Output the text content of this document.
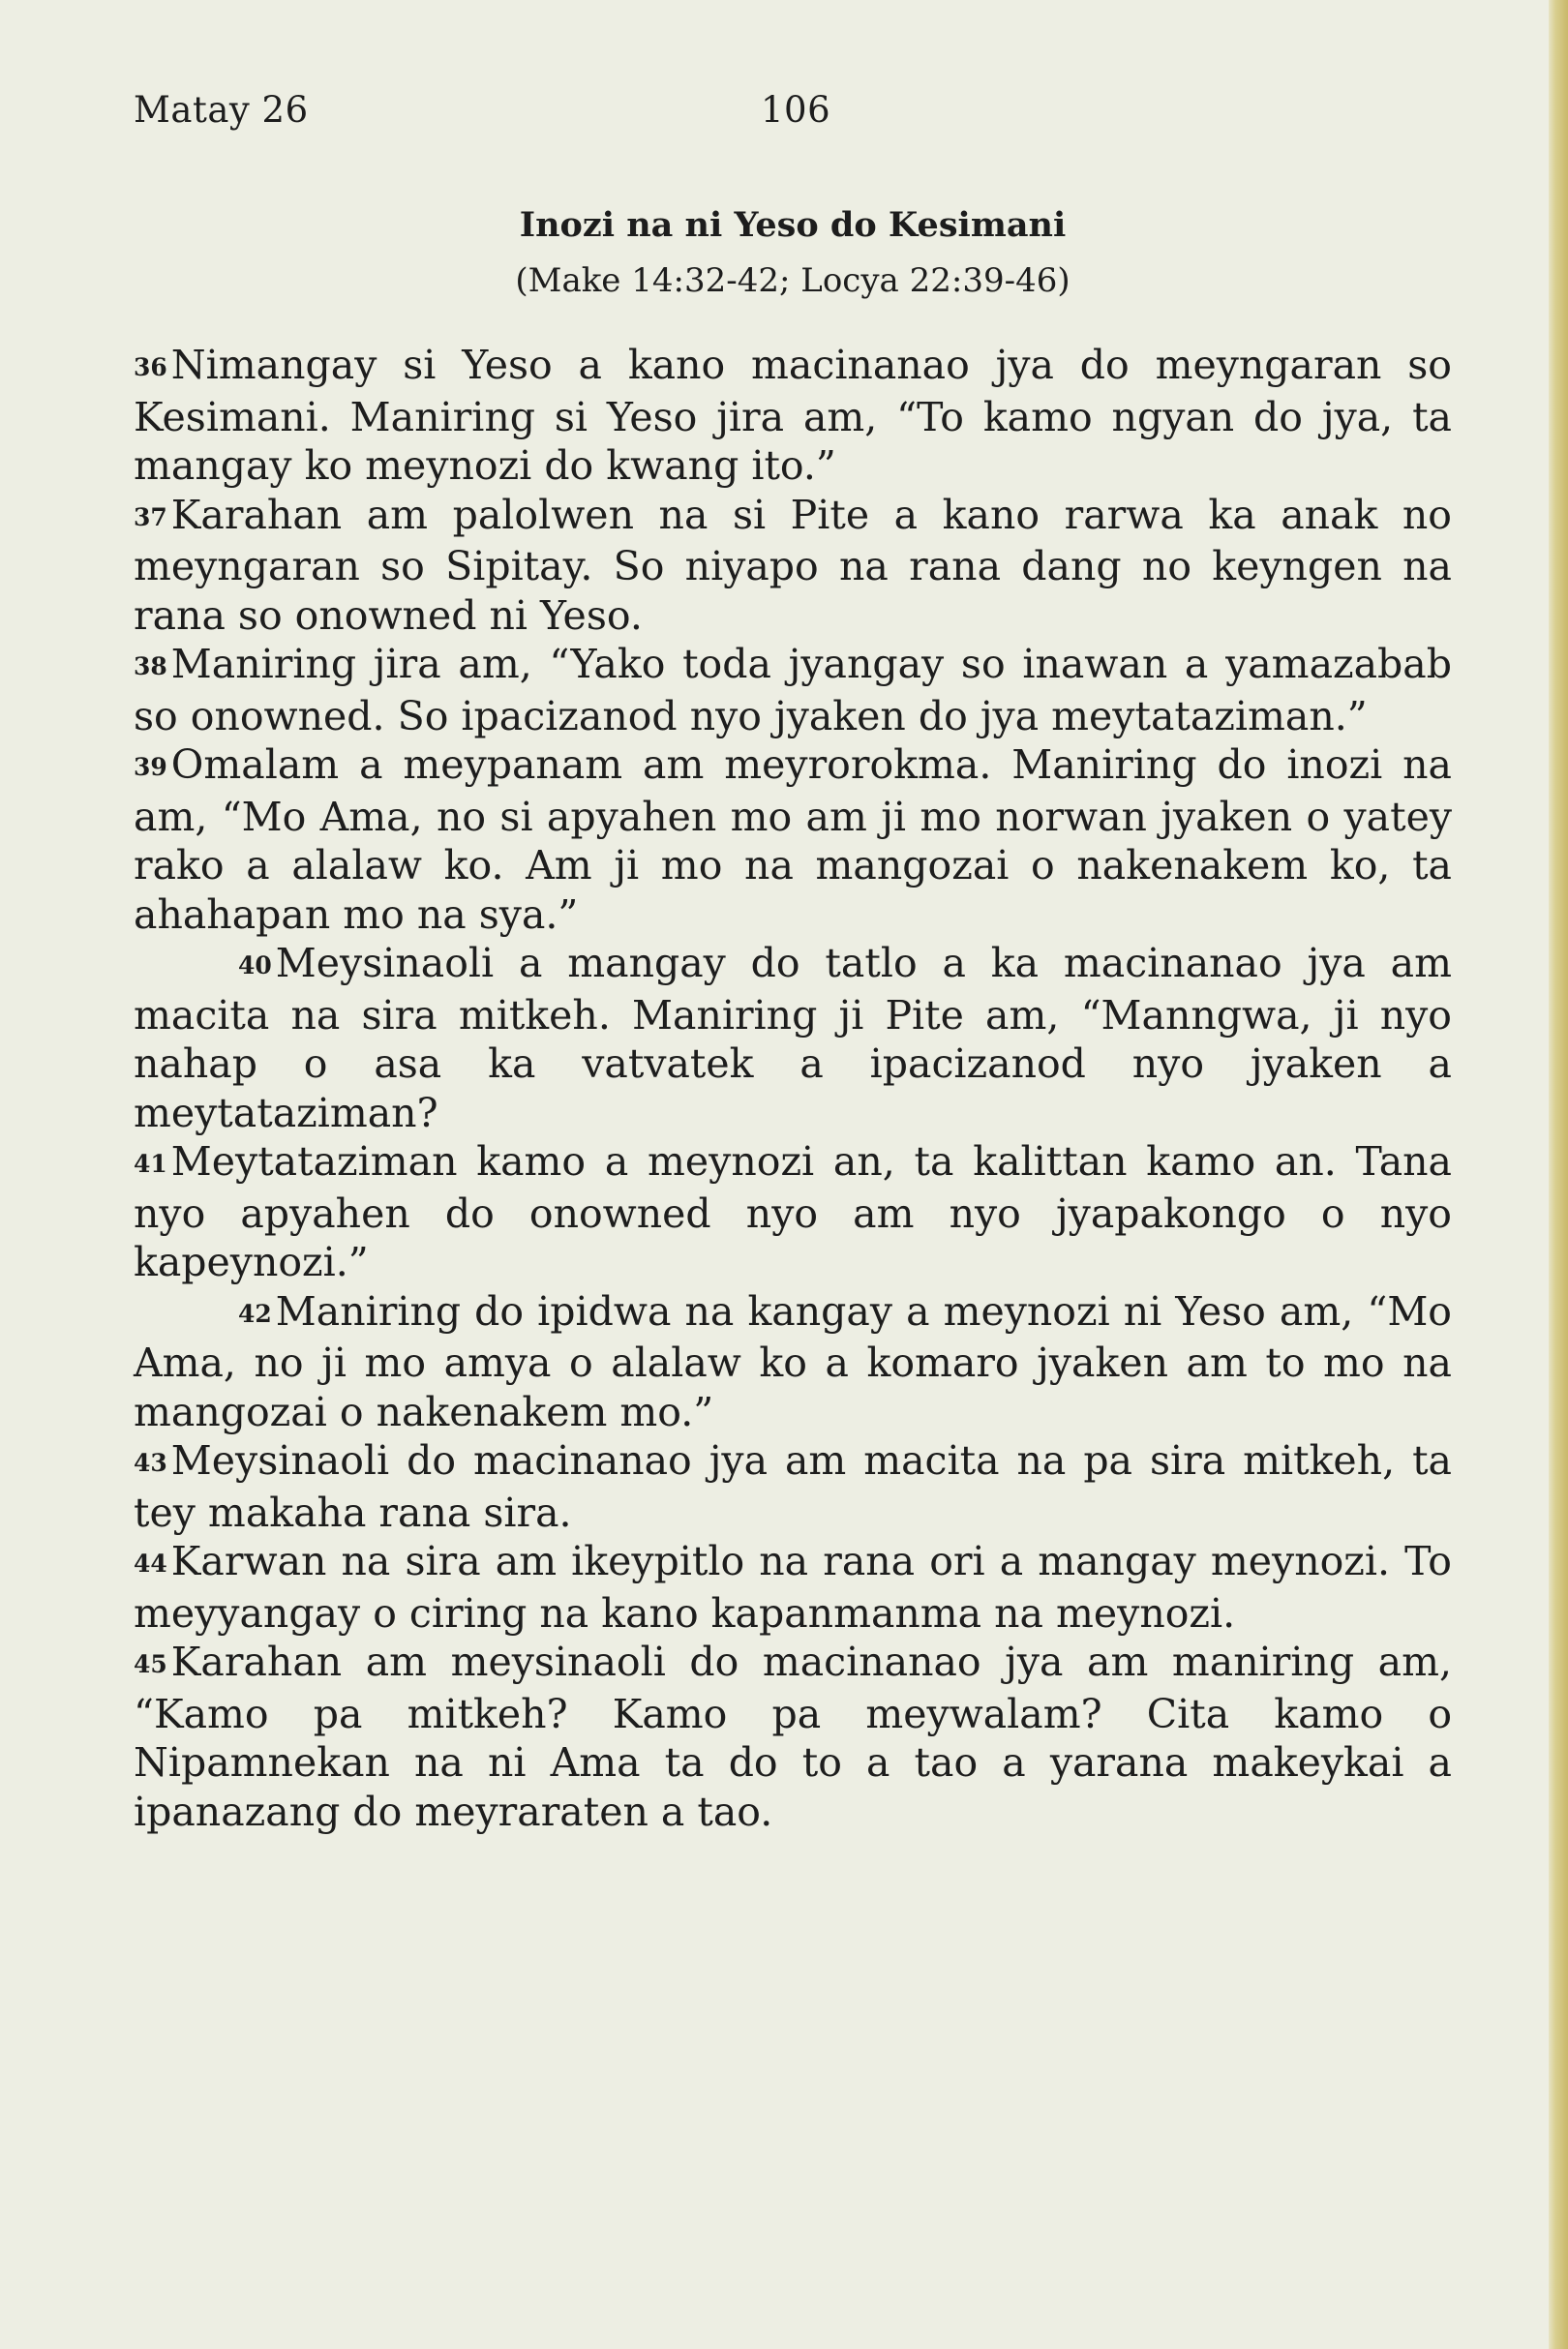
Matay 26	106
Inozi na ni Yeso do Kesimani
(Make 14:32-42; Locya 22:39-46)

36Nimangay si Yeso a kano macinanao jya do meyngaran so Kesimani. Maniring si Yeso jira am, “To kamo ngyan do jya, ta mangay ko meynozi do kwang ito.”

37Karahan am palolwen na si Pite a kano rarwa ka anak no meyngaran so Sipitay. So niyapo na rana dang no keyngen na rana so onowned ni Yeso.

38Maniring jira am, “Yako toda jyangay so inawan a yamazabab so onowned. So ipacizanod nyo jyaken do jya meytataziman.”

39Omalam a meypanam am meyrorokma. Maniring do inozi na am, “Mo Ama, no si apyahen mo am ji mo norwan jyaken o yatey rako a alalaw ko. Am ji mo na mangozai o nakenakem ko, ta ahahapan mo na sya.”

40Meysinaoli a mangay do tatlo a ka macinanao jya am macita na sira mitkeh. Maniring ji Pite am, “Manngwa, ji nyo nahap o asa ka vatvatek a ipacizanod nyo jyaken a meytataziman?

41Meytataziman kamo a meynozi an, ta kalittan kamo an. Tana nyo apyahen do onowned nyo am nyo jyapakongo o nyo kapeynozi.”

42Maniring do ipidwa na kangay a meynozi ni Yeso am, “Mo Ama, no ji mo amya o alalaw ko a komaro jyaken am to mo na mangozai o nakenakem mo.”

43Meysinaoli do macinanao jya am macita na pa sira mitkeh, ta tey makaha rana sira.

44Karwan na sira am ikeypitlo na rana ori a mangay meynozi. To meyyangay o ciring na kano kapanmanma na meynozi.

45Karahan am meysinaoli do macinanao jya am maniring am, “Kamo pa mitkeh? Kamo pa meywalam? Cita kamo o Nipamnekan na ni Ama ta do to a tao a yarana makeykai a ipanazang do meyraraten a tao.
